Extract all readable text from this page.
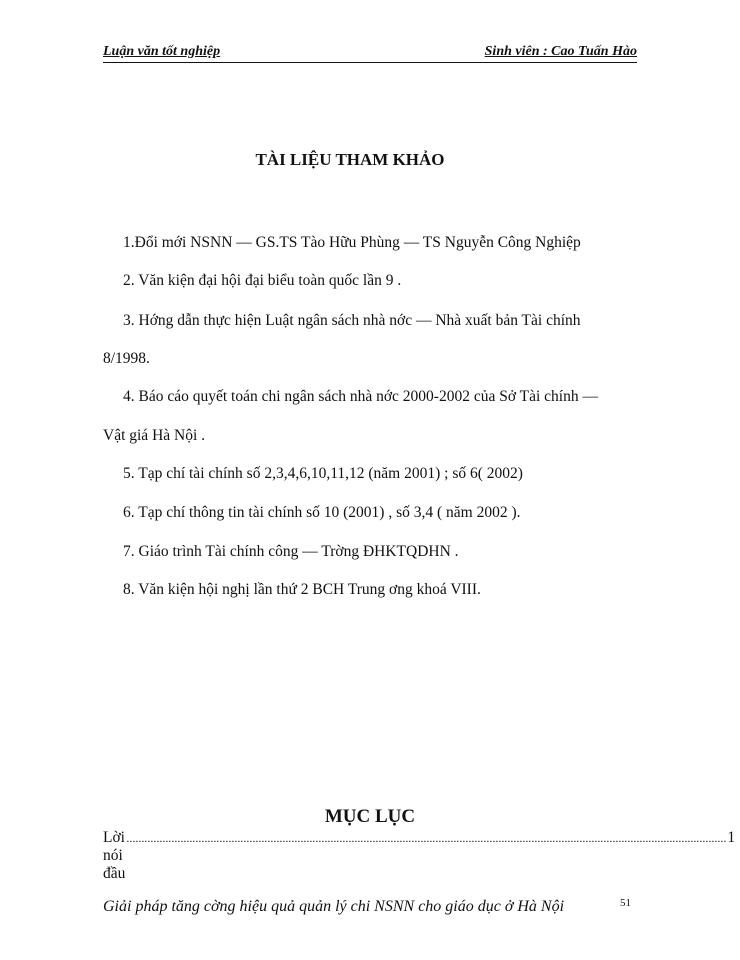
Luận văn tốt nghiệp	Sinh viên : Cao Tuấn Hào
TÀI LIỆU THAM KHẢO
1.Đổi mới NSNN — GS.TS Tào Hữu Phùng — TS Nguyễn Công Nghiệp
2. Văn kiện đại hội đại biểu toàn quốc lần 9 .
3. Hớng dẫn thực hiện Luật ngân sách nhà nớc — Nhà xuất bản Tài chính
8/1998.
4. Báo cáo quyết toán chi ngân sách nhà nớc 2000-2002 của Sở Tài chính —
Vật giá Hà Nội .
5. Tạp chí tài chính số 2,3,4,6,10,11,12 (năm 2001) ; số 6( 2002)
6. Tạp chí thông tin tài chính số 10 (2001) , số 3,4 ( năm 2002 ).
7. Giáo trình Tài chính công — Trờng ĐHKTQDHN .
8. Văn kiện hội nghị lần thứ 2 BCH Trung ơng khoá VIII.
MỤC LỤC
Lời nói đầu
........................................................................................................................................................................................................ 1
Giải pháp tăng cờng hiệu quả quản lý chi NSNN cho giáo dục ở Hà Nội	51
